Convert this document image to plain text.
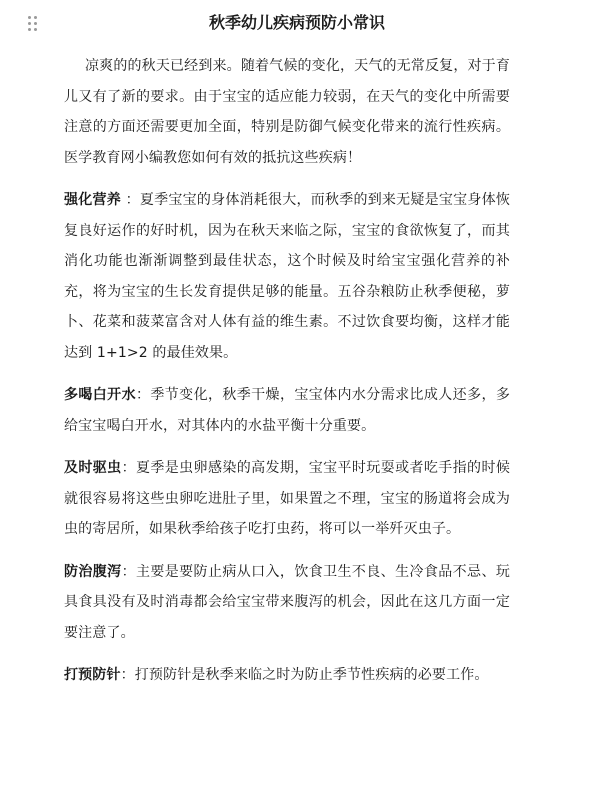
秋季幼儿疾病预防小常识

凉爽的的秋天已经到来。随着气候的变化，天气的无常反复，对于育儿又有了新的要求。由于宝宝的适应能力较弱，在天气的变化中所需要注意的方面还需要更加全面，特别是防御气候变化带来的流行性疾病。医学教育网小编教您如何有效的抵抗这些疾病！

强化营养 ：夏季宝宝的身体消耗很大，而秋季的到来无疑是宝宝身体恢复良好运作的好时机，因为在秋天来临之际，宝宝的食欲恢复了，而其消化功能也渐渐调整到最佳状态，这个时候及时给宝宝强化营养的补充，将为宝宝的生长发育提供足够的能量。五谷杂粮防止秋季便秘，萝卜、花菜和菠菜富含对人体有益的维生素。不过饮食要均衡，这样才能达到 1+1>2 的最佳效果。

多喝白开水：季节变化，秋季干燥，宝宝体内水分需求比成人还多，多给宝宝喝白开水，对其体内的水盐平衡十分重要。

及时驱虫：夏季是虫卵感染的高发期，宝宝平时玩耍或者吃手指的时候就很容易将这些虫卵吃进肚子里，如果置之不理，宝宝的肠道将会成为虫的寄居所，如果秋季给孩子吃打虫药，将可以一举歼灭虫子。

防治腹泻：主要是要防止病从口入，饮食卫生不良、生冷食品不忌、玩具食具没有及时消毒都会给宝宝带来腹泻的机会，因此在这几方面一定要注意了。

打预防针：打预防针是秋季来临之时为防止季节性疾病的必要工作。
